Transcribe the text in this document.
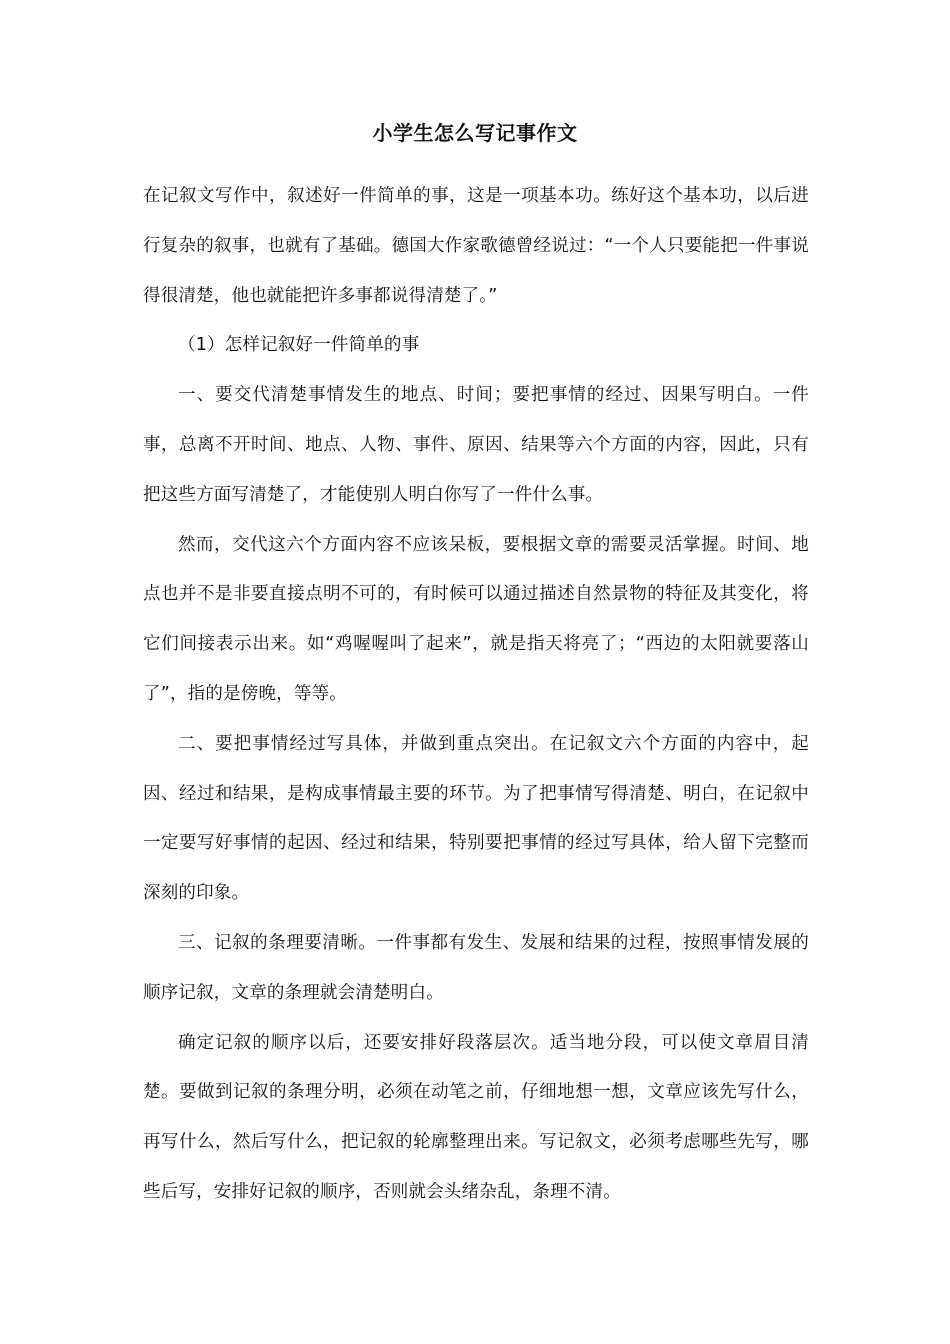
小学生怎么写记事作文

在记叙文写作中，叙述好一件简单的事，这是一项基本功。练好这个基本功，以后进行复杂的叙事，也就有了基础。德国大作家歌德曾经说过：“一个人只要能把一件事说得很清楚，他也就能把许多事都说得清楚了。”

（1）怎样记叙好一件简单的事

一、要交代清楚事情发生的地点、时间；要把事情的经过、因果写明白。一件事，总离不开时间、地点、人物、事件、原因、结果等六个方面的内容，因此，只有把这些方面写清楚了，才能使别人明白你写了一件什么事。

然而，交代这六个方面内容不应该呆板，要根据文章的需要灵活掌握。时间、地点也并不是非要直接点明不可的，有时候可以通过描述自然景物的特征及其变化，将它们间接表示出来。如“鸡喔喔叫了起来”，就是指天将亮了；“西边的太阳就要落山了”，指的是傍晚，等等。

二、要把事情经过写具体，并做到重点突出。在记叙文六个方面的内容中，起因、经过和结果，是构成事情最主要的环节。为了把事情写得清楚、明白，在记叙中一定要写好事情的起因、经过和结果，特别要把事情的经过写具体，给人留下完整而深刻的印象。

三、记叙的条理要清晰。一件事都有发生、发展和结果的过程，按照事情发展的顺序记叙，文章的条理就会清楚明白。

确定记叙的顺序以后，还要安排好段落层次。适当地分段，可以使文章眉目清楚。要做到记叙的条理分明，必须在动笔之前，仔细地想一想，文章应该先写什么，再写什么，然后写什么，把记叙的轮廓整理出来。写记叙文，必须考虑哪些先写，哪些后写，安排好记叙的顺序，否则就会头绪杂乱，条理不清。
